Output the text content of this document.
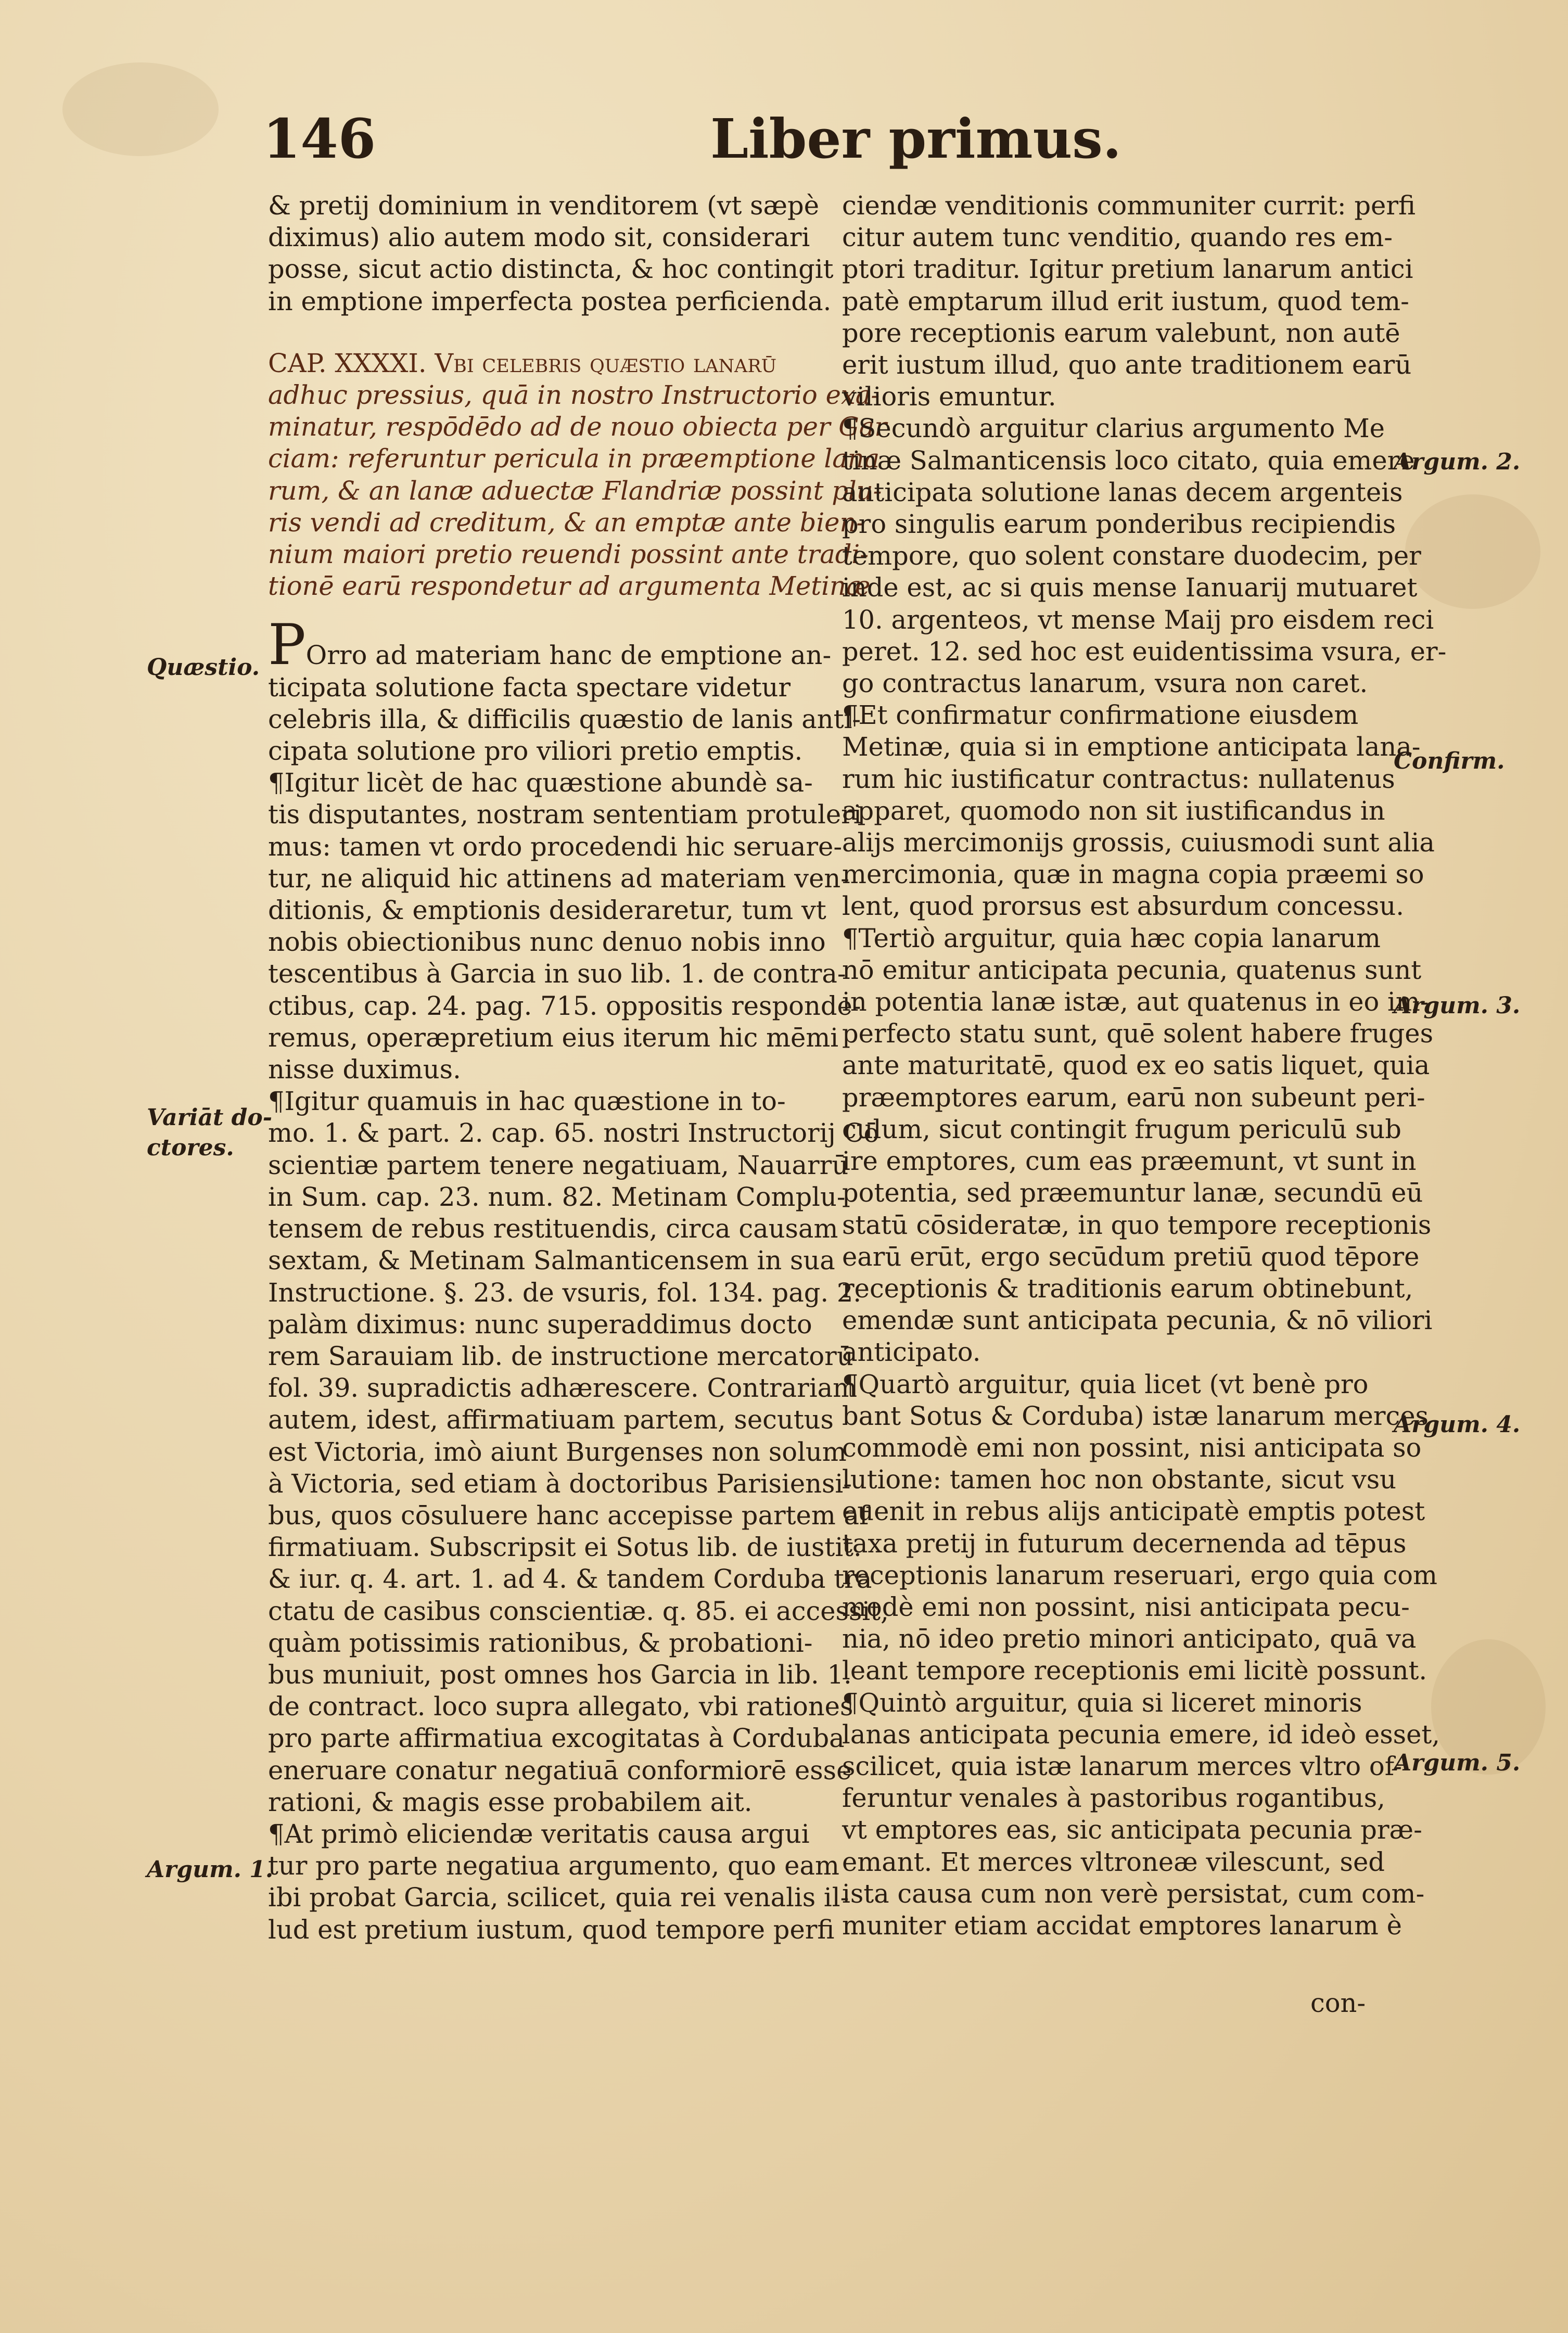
146	Liber primus.
& pretij dominium in venditorem (vt sæpè
diximus) alio autem modo sit, considerari
posse, sicut actio distincta, & hoc contingit
in emptione imperfecta postea perficienda.
CAP. XXXXI. Vbi celebris quæstio lanarū
adhuc pressius, quā in nostro Instructorio exa-
minatur, respōdēdo ad de nouo obiecta per Gar
ciam: referuntur pericula in præemptione lana
rum, & an lanæ aduectæ Flandriæ possint plu-
ris vendi ad creditum, & an emptæ ante bien-
nium maiori pretio reuendi possint ante tradi-
tionē earū respondetur ad argumenta Metinæ
POrro ad materiam hanc de emptione an-
ticipata solutione facta spectare videtur
celebris illa, & difficilis quæstio de lanis anti-
cipata solutione pro viliori pretio emptis.
¶Igitur licèt de hac quæstione abundè sa-
tis disputantes, nostram sententiam protuleri
mus: tamen vt ordo procedendi hic seruare-
tur, ne aliquid hic attinens ad materiam ven-
ditionis, & emptionis desideraretur, tum vt
nobis obiectionibus nunc denuo nobis inno
tescentibus à Garcia in suo lib. 1. de contra-
ctibus, cap. 24. pag. 715. oppositis responde-
remus, operæpretium eius iterum hic mēmi
nisse duximus.
¶Igitur quamuis in hac quæstione in to-
mo. 1. & part. 2. cap. 65. nostri Instructorij Cō
scientiæ partem tenere negatiuam, Nauarrū
in Sum. cap. 23. num. 82. Metinam Complu-
tensem de rebus restituendis, circa causam
sextam, & Metinam Salmanticensem in sua
Instructione. §. 23. de vsuris, fol. 134. pag. 2.
palàm diximus: nunc superaddimus docto
rem Sarauiam lib. de instructione mercatorū
fol. 39. supradictis adhærescere. Contrariam
autem, idest, affirmatiuam partem, secutus
est Victoria, imò aiunt Burgenses non solum
à Victoria, sed etiam à doctoribus Parisiensi-
bus, quos cōsuluere hanc accepisse partem af
firmatiuam. Subscripsit ei Sotus lib. de iustit.
& iur. q. 4. art. 1. ad 4. & tandem Corduba tra
ctatu de casibus conscientiæ. q. 85. ei accessit,
quàm potissimis rationibus, & probationi-
bus muniuit, post omnes hos Garcia in lib. 1.
de contract. loco supra allegato, vbi rationes
pro parte affirmatiua excogitatas à Corduba
eneruare conatur negatiuā conformiorē esse
rationi, & magis esse probabilem ait.
¶At primò eliciendæ veritatis causa argui
tur pro parte negatiua argumento, quo eam
ibi probat Garcia, scilicet, quia rei venalis il-
lud est pretium iustum, quod tempore perfi
ciendæ venditionis communiter currit: perfi
citur autem tunc venditio, quando res em-
ptori traditur. Igitur pretium lanarum antici
patè emptarum illud erit iustum, quod tem-
pore receptionis earum valebunt, non autē
erit iustum illud, quo ante traditionem earū
vilioris emuntur.
¶Secundò arguitur clarius argumento Me
tinæ Salmanticensis loco citato, quia emere
anticipata solutione lanas decem argenteis
pro singulis earum ponderibus recipiendis
tempore, quo solent constare duodecim, per
inde est, ac si quis mense Ianuarij mutuaret
10. argenteos, vt mense Maij pro eisdem reci
peret. 12. sed hoc est euidentissima vsura, er-
go contractus lanarum, vsura non caret.
¶Et confirmatur confirmatione eiusdem
Metinæ, quia si in emptione anticipata lana-
rum hic iustificatur contractus: nullatenus
apparet, quomodo non sit iustificandus in
alijs mercimonijs grossis, cuiusmodi sunt alia
mercimonia, quæ in magna copia præemi so
lent, quod prorsus est absurdum concessu.
¶Tertiò arguitur, quia hæc copia lanarum
nō emitur anticipata pecunia, quatenus sunt
in potentia lanæ istæ, aut quatenus in eo im-
perfecto statu sunt, quē solent habere fruges
ante maturitatē, quod ex eo satis liquet, quia
præemptores earum, earū non subeunt peri-
culum, sicut contingit frugum periculū sub
ire emptores, cum eas præemunt, vt sunt in
potentia, sed præemuntur lanæ, secundū eū
statū cōsideratæ, in quo tempore receptionis
earū erūt, ergo secūdum pretiū quod tēpore
receptionis & traditionis earum obtinebunt,
emendæ sunt anticipata pecunia, & nō viliori
anticipato.
¶Quartò arguitur, quia licet (vt benè pro
bant Sotus & Corduba) istæ lanarum merces
commodè emi non possint, nisi anticipata so
lutione: tamen hoc non obstante, sicut vsu
euenit in rebus alijs anticipatè emptis potest
taxa pretij in futurum decernenda ad tēpus
receptionis lanarum reseruari, ergo quia com
modè emi non possint, nisi anticipata pecu-
nia, nō ideo pretio minori anticipato, quā va
leant tempore receptionis emi licitè possunt.
¶Quintò arguitur, quia si liceret minoris
lanas anticipata pecunia emere, id ideò esset,
scilicet, quia istæ lanarum merces vltro of-
feruntur venales à pastoribus rogantibus,
vt emptores eas, sic anticipata pecunia præ-
emant. Et merces vltroneæ vilescunt, sed
ista causa cum non verè persistat, cum com-
muniter etiam accidat emptores lanarum è
con-
Quæstio.
Variāt do-
ctores.
Argum. 1.
Argum. 2.
Confirm.
Argum. 3.
Argum. 4.
Argum. 5.
